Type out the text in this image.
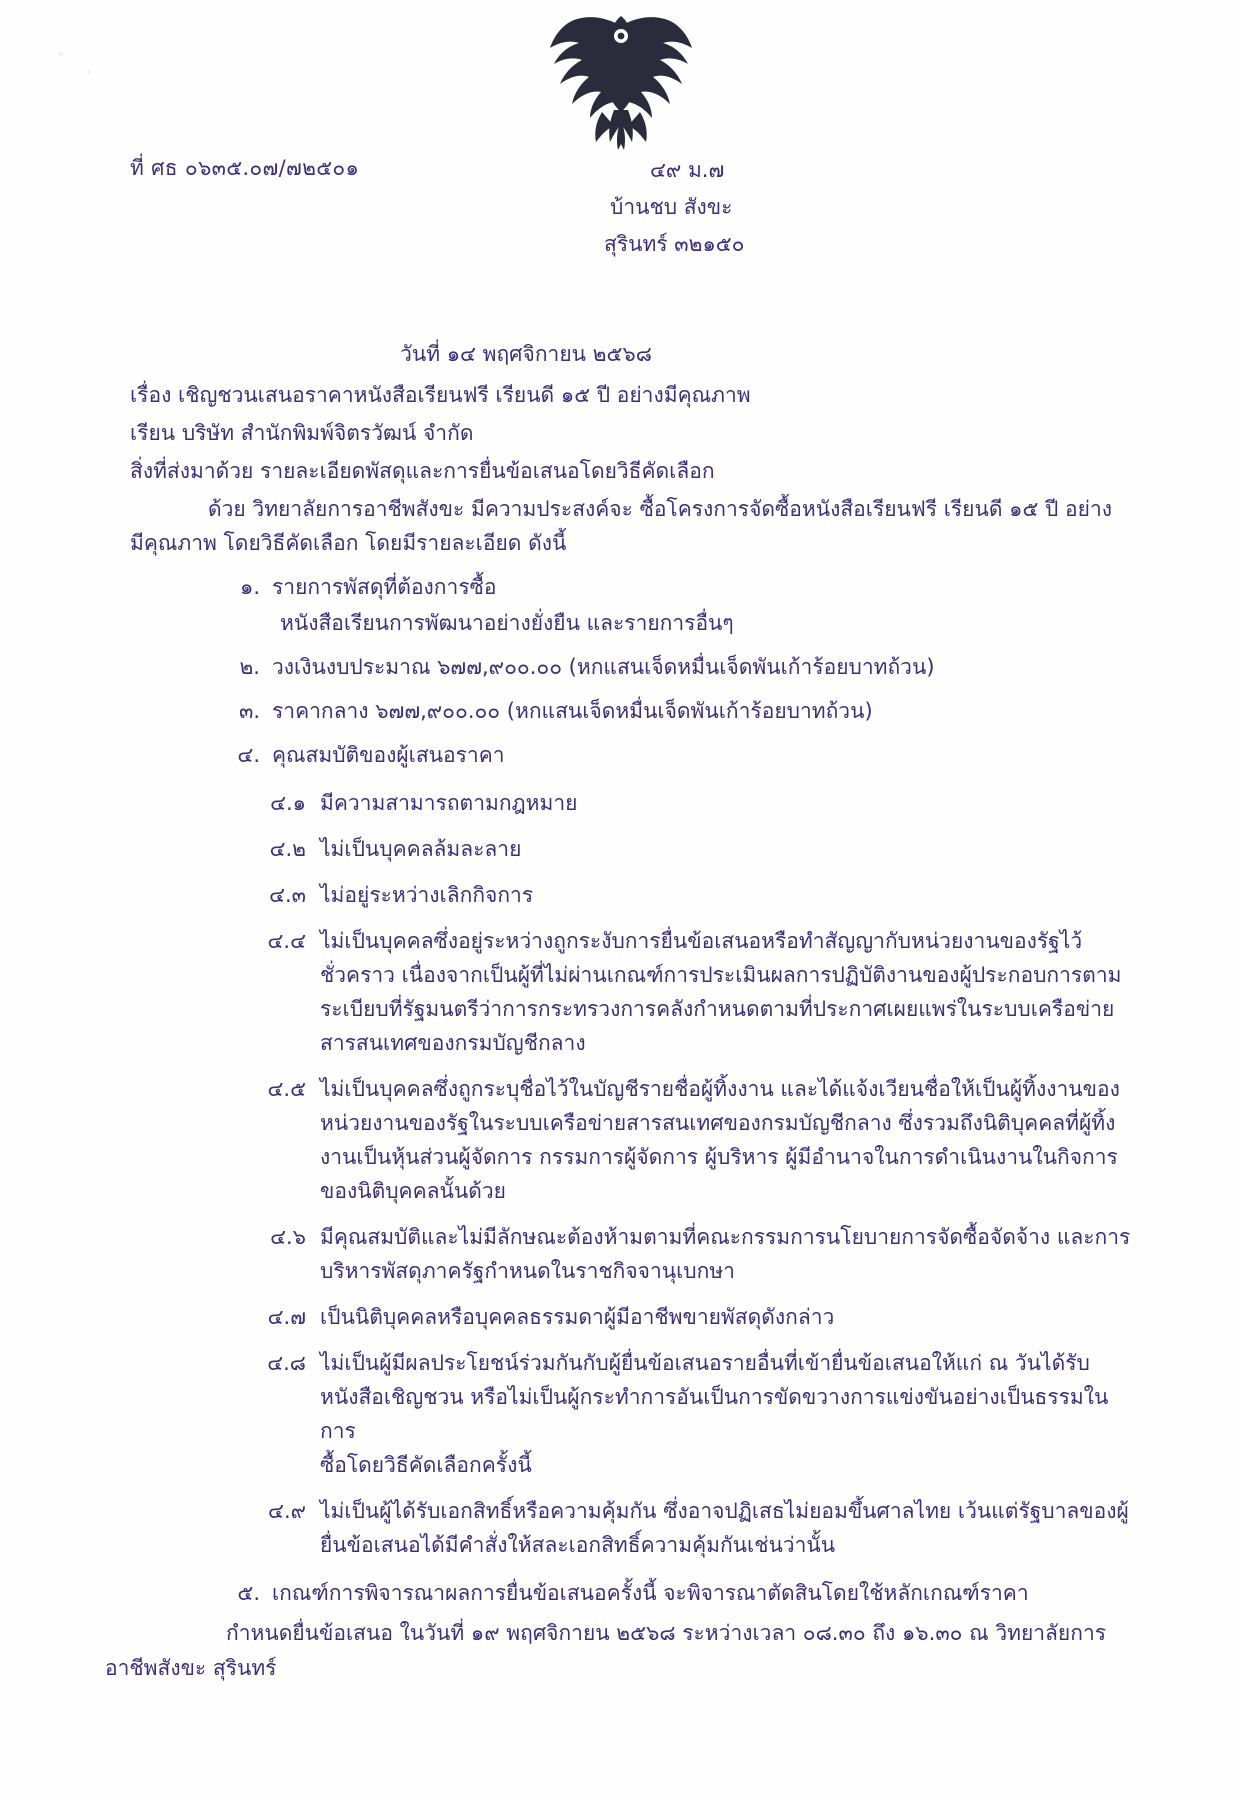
ที่ ศธ ๐๖๓๕.๐๗/๗๒๕๐๑	๔๙ ม.๗
บ้านชบ สังขะ
สุรินทร์ ๓๒๑๕๐
วันที่ ๑๔ พฤศจิกายน ๒๕๖๘
เรื่อง เชิญชวนเสนอราคาหนังสือเรียนฟรี เรียนดี ๑๕ ปี อย่างมีคุณภาพ
เรียน บริษัท สำนักพิมพ์จิตรวัฒน์ จำกัด
สิ่งที่ส่งมาด้วย รายละเอียดพัสดุและการยื่นข้อเสนอโดยวิธีคัดเลือก
ด้วย วิทยาลัยการอาชีพสังขะ มีความประสงค์จะ ซื้อโครงการจัดซื้อหนังสือเรียนฟรี เรียนดี ๑๕ ปี อย่าง
มีคุณภาพ โดยวิธีคัดเลือก โดยมีรายละเอียด ดังนี้
๑. รายการพัสดุที่ต้องการซื้อ
หนังสือเรียนการพัฒนาอย่างยั่งยืน และรายการอื่นๆ
๒. วงเงินงบประมาณ ๖๗๗,๙๐๐.๐๐ (หกแสนเจ็ดหมื่นเจ็ดพันเก้าร้อยบาทถ้วน)
๓. ราคากลาง ๖๗๗,๙๐๐.๐๐ (หกแสนเจ็ดหมื่นเจ็ดพันเก้าร้อยบาทถ้วน)
๔. คุณสมบัติของผู้เสนอราคา
๔.๑ มีความสามารถตามกฎหมาย
๔.๒ ไม่เป็นบุคคลล้มละลาย
๔.๓ ไม่อยู่ระหว่างเลิกกิจการ
๔.๔ ไม่เป็นบุคคลซึ่งอยู่ระหว่างถูกระงับการยื่นข้อเสนอหรือทำสัญญากับหน่วยงานของรัฐไว้
ชั่วคราว เนื่องจากเป็นผู้ที่ไม่ผ่านเกณฑ์การประเมินผลการปฏิบัติงานของผู้ประกอบการตาม
ระเบียบที่รัฐมนตรีว่าการกระทรวงการคลังกำหนดตามที่ประกาศเผยแพร่ในระบบเครือข่าย
สารสนเทศของกรมบัญชีกลาง
๔.๕ ไม่เป็นบุคคลซึ่งถูกระบุชื่อไว้ในบัญชีรายชื่อผู้ทิ้งงาน และได้แจ้งเวียนชื่อให้เป็นผู้ทิ้งงานของ
หน่วยงานของรัฐในระบบเครือข่ายสารสนเทศของกรมบัญชีกลาง ซึ่งรวมถึงนิติบุคคลที่ผู้ทิ้ง
งานเป็นหุ้นส่วนผู้จัดการ กรรมการผู้จัดการ ผู้บริหาร ผู้มีอำนาจในการดำเนินงานในกิจการ
ของนิติบุคคลนั้นด้วย
๔.๖ มีคุณสมบัติและไม่มีลักษณะต้องห้ามตามที่คณะกรรมการนโยบายการจัดซื้อจัดจ้าง และการ
บริหารพัสดุภาครัฐกำหนดในราชกิจจานุเบกษา
๔.๗ เป็นนิติบุคคลหรือบุคคลธรรมดาผู้มีอาชีพขายพัสดุดังกล่าว
๔.๘ ไม่เป็นผู้มีผลประโยชน์ร่วมกันกับผู้ยื่นข้อเสนอรายอื่นที่เข้ายื่นข้อเสนอให้แก่ ณ วันได้รับ
หนังสือเชิญชวน หรือไม่เป็นผู้กระทำการอันเป็นการขัดขวางการแข่งขันอย่างเป็นธรรมในการ
ซื้อโดยวิธีคัดเลือกครั้งนี้
๔.๙ ไม่เป็นผู้ได้รับเอกสิทธิ์หรือความคุ้มกัน ซึ่งอาจปฏิเสธไม่ยอมขึ้นศาลไทย เว้นแต่รัฐบาลของผู้
ยื่นข้อเสนอได้มีคำสั่งให้สละเอกสิทธิ์ความคุ้มกันเช่นว่านั้น
๕. เกณฑ์การพิจารณาผลการยื่นข้อเสนอครั้งนี้ จะพิจารณาตัดสินโดยใช้หลักเกณฑ์ราคา
กำหนดยื่นข้อเสนอ ในวันที่ ๑๙ พฤศจิกายน ๒๕๖๘ ระหว่างเวลา ๐๘.๓๐ ถึง ๑๖.๓๐ ณ วิทยาลัยการ
อาชีพสังขะ สุรินทร์
